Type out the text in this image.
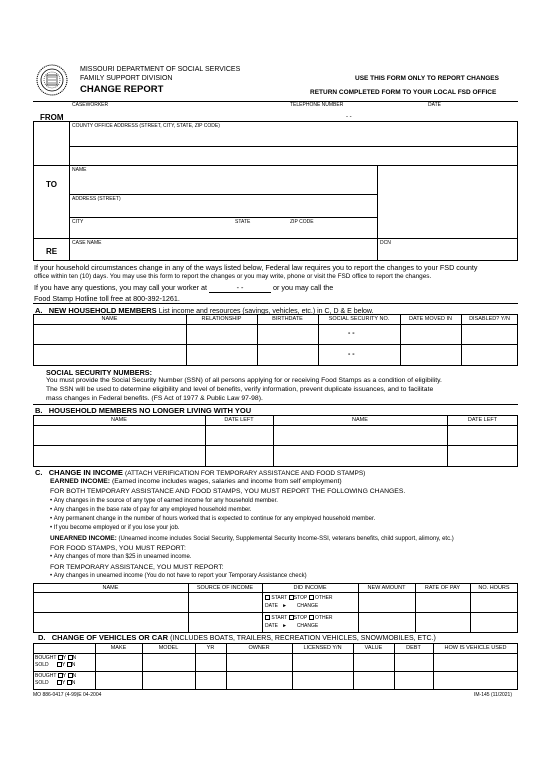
MISSOURI DEPARTMENT OF SOCIAL SERVICES
FAMILY SUPPORT DIVISION
CHANGE REPORT
USE THIS FORM ONLY TO REPORT CHANGES
RETURN COMPLETED FORM TO YOUR LOCAL FSD OFFICE
CASEWORKER	TELEPHONE NUMBER	DATE
FROM	- -
COUNTY OFFICE ADDRESS (STREET, CITY, STATE, ZIP CODE)
NAME
TO
ADDRESS (STREET)
CITY	STATE	ZIP CODE
CASE NAME	DCN
RE
If your household circumstances change in any of the ways listed below, Federal law requires you to report the changes to your FSD county
office within ten (10) days. You may use this form to report the changes or you may write, phone or visit the FSD office to report the changes.
If you have any questions, you may call your worker at	- -	or you may call the
Food Stamp Hotline toll free at 800-392-1261.
A. NEW HOUSEHOLD MEMBERS List income and resources (savings, vehicles, etc.) in C, D & E below.
NAME	RELATIONSHIP	BIRTHDATE	SOCIAL SECURITY NO.	DATE MOVED IN	DISABLED? Y/N
- -
- -
SOCIAL SECURITY NUMBERS:
You must provide the Social Security Number (SSN) of all persons applying for or receiving Food Stamps as a condition of eligibility.
The SSN will be used to determine eligibility and level of benefits, verify information, prevent duplicate issuances, and to facilitate
mass changes in Federal benefits. (FS Act of 1977 & Public Law 97-98).
B. HOUSEHOLD MEMBERS NO LONGER LIVING WITH YOU
NAME	DATE LEFT	NAME	DATE LEFT
C. CHANGE IN INCOME (ATTACH VERIFICATION FOR TEMPORARY ASSISTANCE AND FOOD STAMPS)
EARNED INCOME: (Earned income includes wages, salaries and income from self employment)
FOR BOTH TEMPORARY ASSISTANCE AND FOOD STAMPS, YOU MUST REPORT THE FOLLOWING CHANGES.
• Any changes in the source of any type of earned income for any household member.
• Any changes in the base rate of pay for any employed household member.
• Any permanent change in the number of hours worked that is expected to continue for any employed household member.
• If you become employed or if you lose your job.
UNEARNED INCOME: (Unearned income includes Social Security, Supplemental Security Income-SSI, veterans benefits, child support, alimony, etc.)
FOR FOOD STAMPS, YOU MUST REPORT:
• Any changes of more than $25 in unearned income.
FOR TEMPORARY ASSISTANCE, YOU MUST REPORT:
• Any changes in unearned income (You do not have to report your Temporary Assistance check)
NAME	SOURCE OF INCOME	DID INCOME	NEW AMOUNT	RATE OF PAY	NO. HOURS
START STOP OTHER
DATE   ►       CHANGE
START STOP OTHER
DATE   ►       CHANGE
D. CHANGE OF VEHICLES OR CAR (INCLUDES BOATS, TRAILERS, RECREATION VEHICLES, SNOWMOBILES, ETC.)
MAKE	MODEL	YR	OWNER	LICENSED Y/N	VALUE	DEBT	HOW IS VEHICLE USED
BOUGHT Y N
SOLD	Y N
BOUGHT Y N
SOLD	Y N
MO 886-0417 (4-99)E 04-2004	IM-145 (11/2021)
